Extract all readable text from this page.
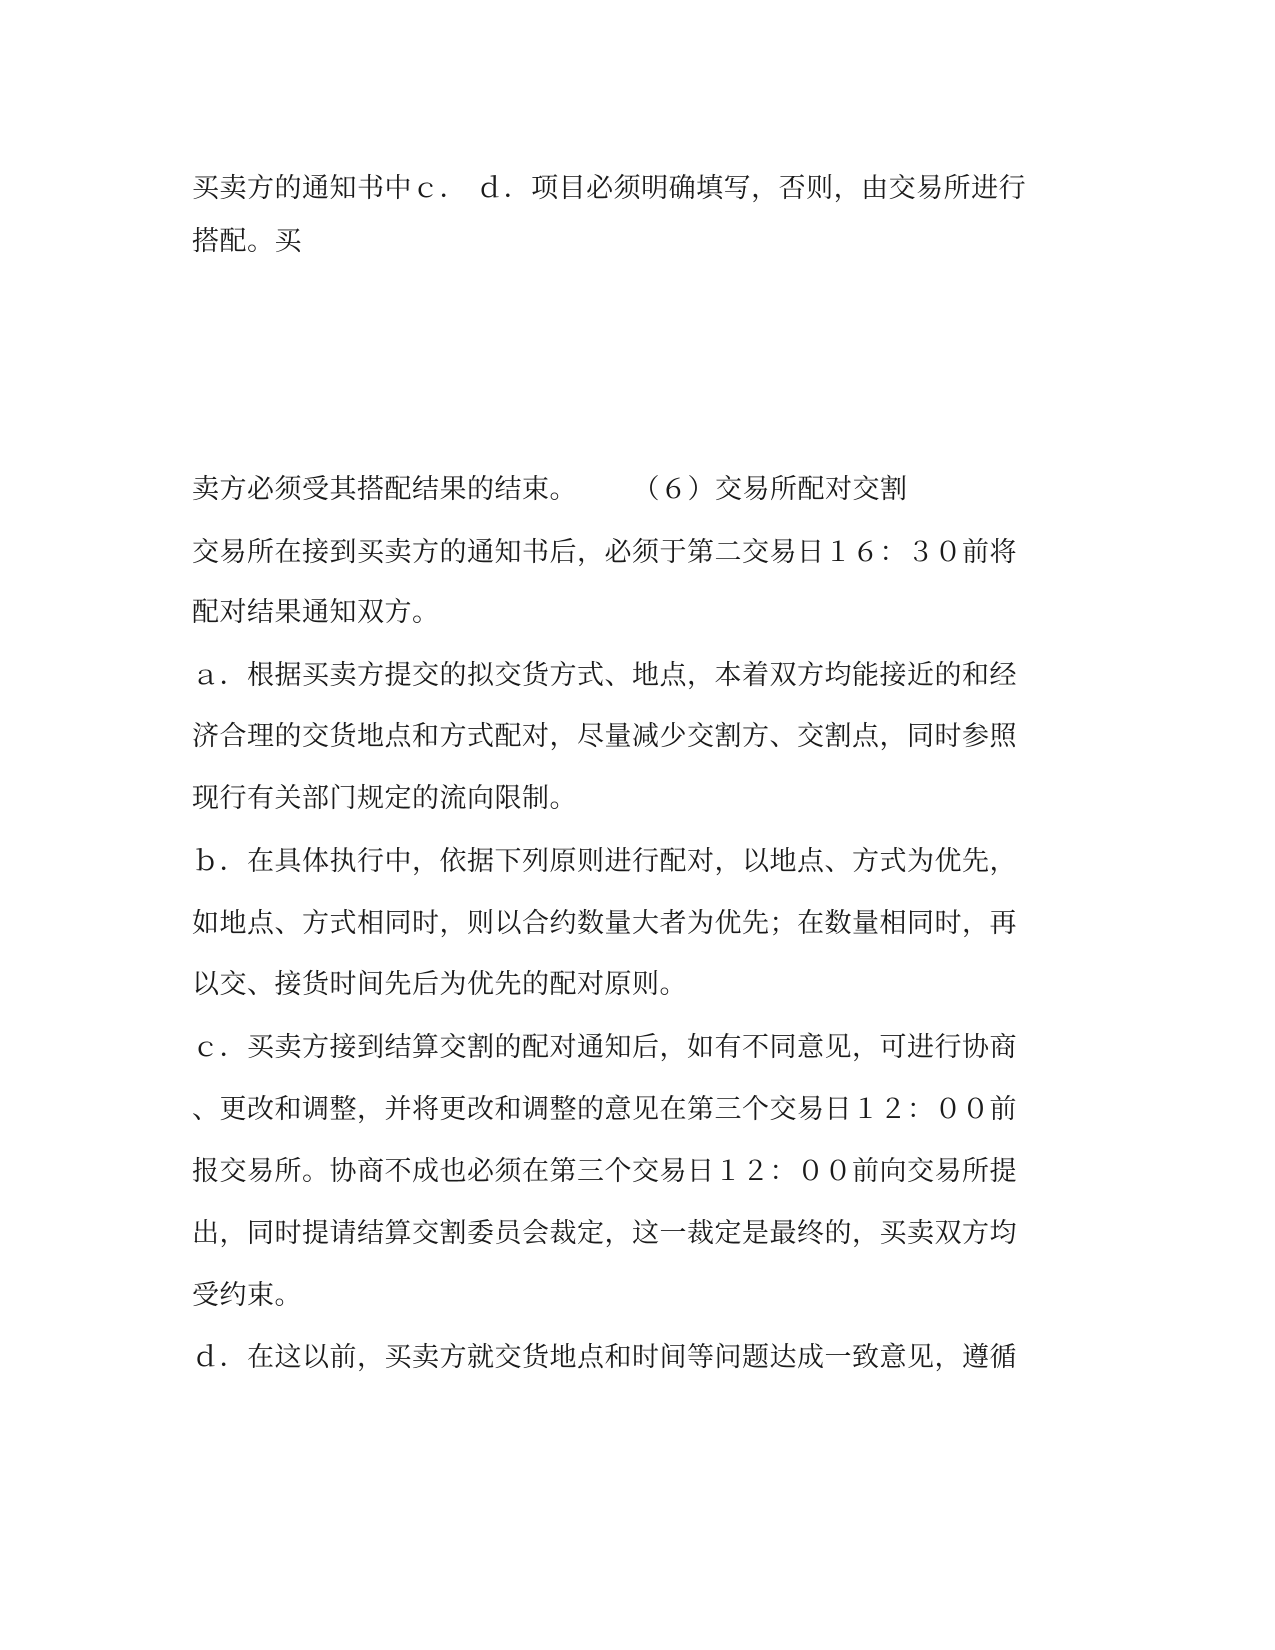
买卖方的通知书中ｃ． ｄ．项目必须明确填写，否则，由交易所进行
搭配。买
卖方必须受其搭配结果的结束。　　　（６）交易所配对交割
交易所在接到买卖方的通知书后，必须于第二交易日１６：３０前将
配对结果通知双方。
ａ．根据买卖方提交的拟交货方式、地点，本着双方均能接近的和经
济合理的交货地点和方式配对，尽量减少交割方、交割点，同时参照
现行有关部门规定的流向限制。
ｂ．在具体执行中，依据下列原则进行配对，以地点、方式为优先，
如地点、方式相同时，则以合约数量大者为优先；在数量相同时，再
以交、接货时间先后为优先的配对原则。
ｃ．买卖方接到结算交割的配对通知后，如有不同意见，可进行协商
、更改和调整，并将更改和调整的意见在第三个交易日１２：００前
报交易所。协商不成也必须在第三个交易日１２：００前向交易所提
出，同时提请结算交割委员会裁定，这一裁定是最终的，买卖双方均
受约束。
ｄ．在这以前，买卖方就交货地点和时间等问题达成一致意见，遵循
